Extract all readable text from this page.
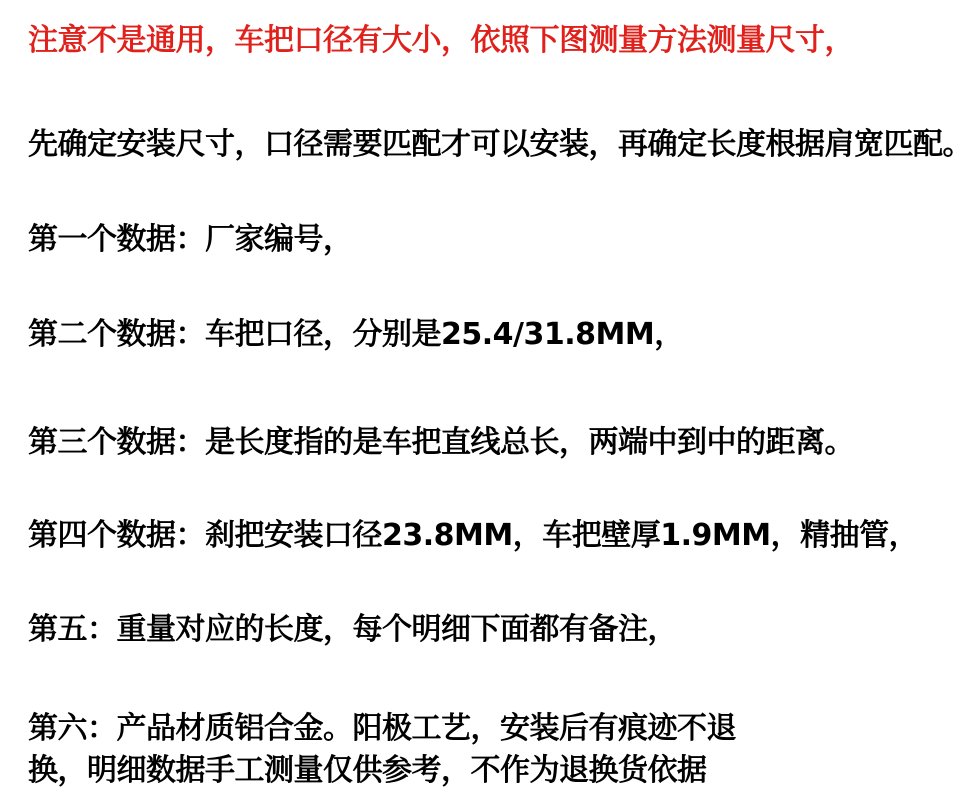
注意不是通用，车把口径有大小，依照下图测量方法测量尺寸，

先确定安装尺寸，口径需要匹配才可以安装，再确定长度根据肩宽匹配。

第一个数据：厂家编号，

第二个数据：车把口径，分别是25.4/31.8MM，

第三个数据：是长度指的是车把直线总长，两端中到中的距离。

第四个数据：刹把安装口径23.8MM，车把壁厚1.9MM，精抽管，

第五：重量对应的长度，每个明细下面都有备注，

第六：产品材质铝合金。阳极工艺，安装后有痕迹不退换，明细数据手工测量仅供参考，不作为退换货依据
